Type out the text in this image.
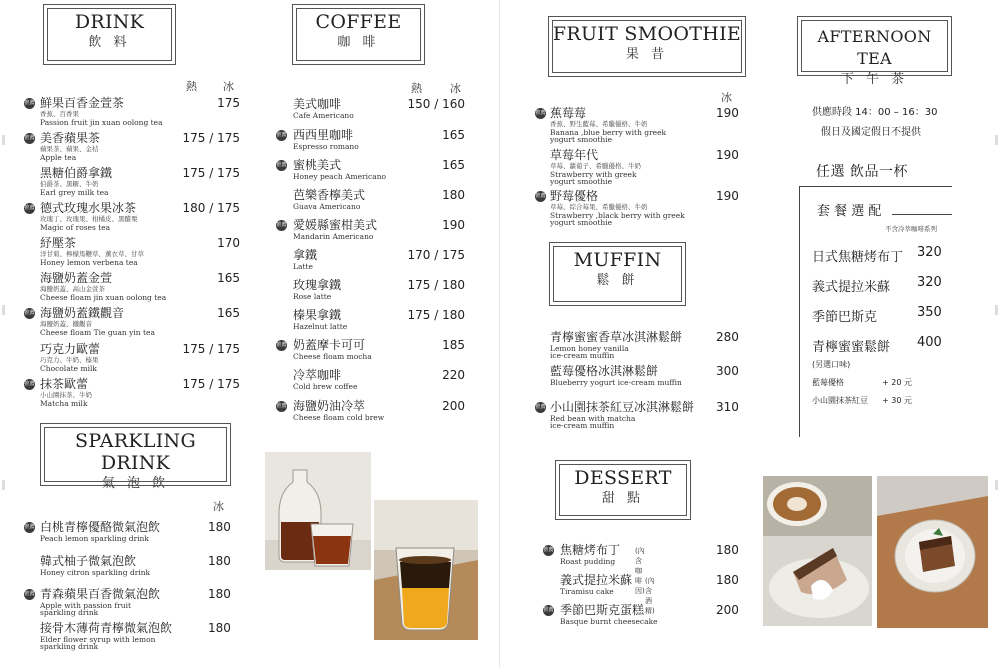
DRINK
飲 料
熱 冰
推薦 鮮果百香金萱茶
香蕉、百香果
Passion fruit jin xuan oolong tea
175
推薦 美香蘋果茶
蘋果茶、蘋果、金桔
Apple tea
175 / 175
黑糖伯爵拿鐵
伯爵茶、黑糖、牛奶
Earl grey milk tea
175 / 175
推薦 德式玫瑰水果冰茶
玫瑰丁、玫瑰果、柑橘皮、黑醋栗
Magic of roses tea
180 / 175
紓壓茶
洋甘菊、檸檬馬鞭草、薰衣草、甘草
Honey lemon verbena tea
170
海鹽奶蓋金萱
海鹽奶蓋、高山金萱茶
Cheese floam jin xuan oolong tea
165
推薦 海鹽奶蓋鐵觀音
海鹽奶蓋、鐵觀音
Cheese floam Tie guan yin tea
165
巧克力歐蕾
巧克力、牛奶、榛果
Chocolate milk
175 / 175
推薦 抹茶歐蕾
小山園抹茶、牛奶
Matcha milk
175 / 175
SPARKLING DRINK
氣 泡 飲
冰
推薦 白桃青檸優酪微氣泡飲
Peach lemon sparkling drink
180
韓式柚子微氣泡飲
Honey citron sparkling drink
180
推薦 青森蘋果百香微氣泡飲
Apple with passion fruit
sparkling drink
180
接骨木薄荷青檸微氣泡飲
Elder flower syrup with lemon
sparkling drink
180
COFFEE
咖 啡
熱	冰
美式咖啡
Cafe Americano
150 / 160
推薦 西西里咖啡
Espresso romano
165
推薦 蜜桃美式
Honey peach Americano
165
芭樂香檸美式
Guava Americano
180
推薦 愛媛縣蜜柑美式
Mandarin Americano
190
拿鐵
Latte
170 / 175
玫瑰拿鐵
Rose latte
175 / 180
榛果拿鐵
Hazelnut latte
175 / 180
推薦 奶蓋摩卡可可
Cheese floam mocha
185
冷萃咖啡
Cold brew coffee
220
推薦 海鹽奶油冷萃
Cheese floam cold brew
200
FRUIT SMOOTHIE
果 昔
冰
推薦 蕉莓莓
香蕉、野生藍莓、希臘優格、牛奶
Banana ,blue berry with greek
yogurt smoothie
190
草莓年代
草莓、蘿蔔子、希臘優格、牛奶
Strawberry with greek
yogurt smoothie
190
推薦 野莓優格
草莓、綜合莓果、希臘優格、牛奶
Strawberry ,black berry with greek
yogurt smoothie
190
MUFFIN
鬆 餅
青檸蜜蜜香草冰淇淋鬆餅
Lemon honey vanilla
ice-cream muffin
280
藍莓優格冰淇淋鬆餅
Blueberry yogurt ice-cream muffin
300
推薦 小山園抹茶紅豆冰淇淋鬆餅
Red bean with matcha
ice-cream muffin
310
DESSERT
甜 點
推薦 焦糖烤布丁 (內含咖啡因)
Roast pudding
180
義式提拉米蘇 (內含酒精)
Tiramisu cake
180
推薦 季節巴斯克蛋糕
Basque burnt cheesecake
200
AFTERNOON TEA
下 午 茶
供應時段 14：00 – 16：30
假日及國定假日不提供
任選 飲品一杯
套 餐 選 配
不含冷萃咖啡系列
日式焦糖烤布丁 320
義式提拉米蘇 320
季節巴斯克	350
青檸蜜蜜鬆餅 400
(另選口味)
藍莓優格	+ 20 元
小山園抹茶紅豆 + 30 元
